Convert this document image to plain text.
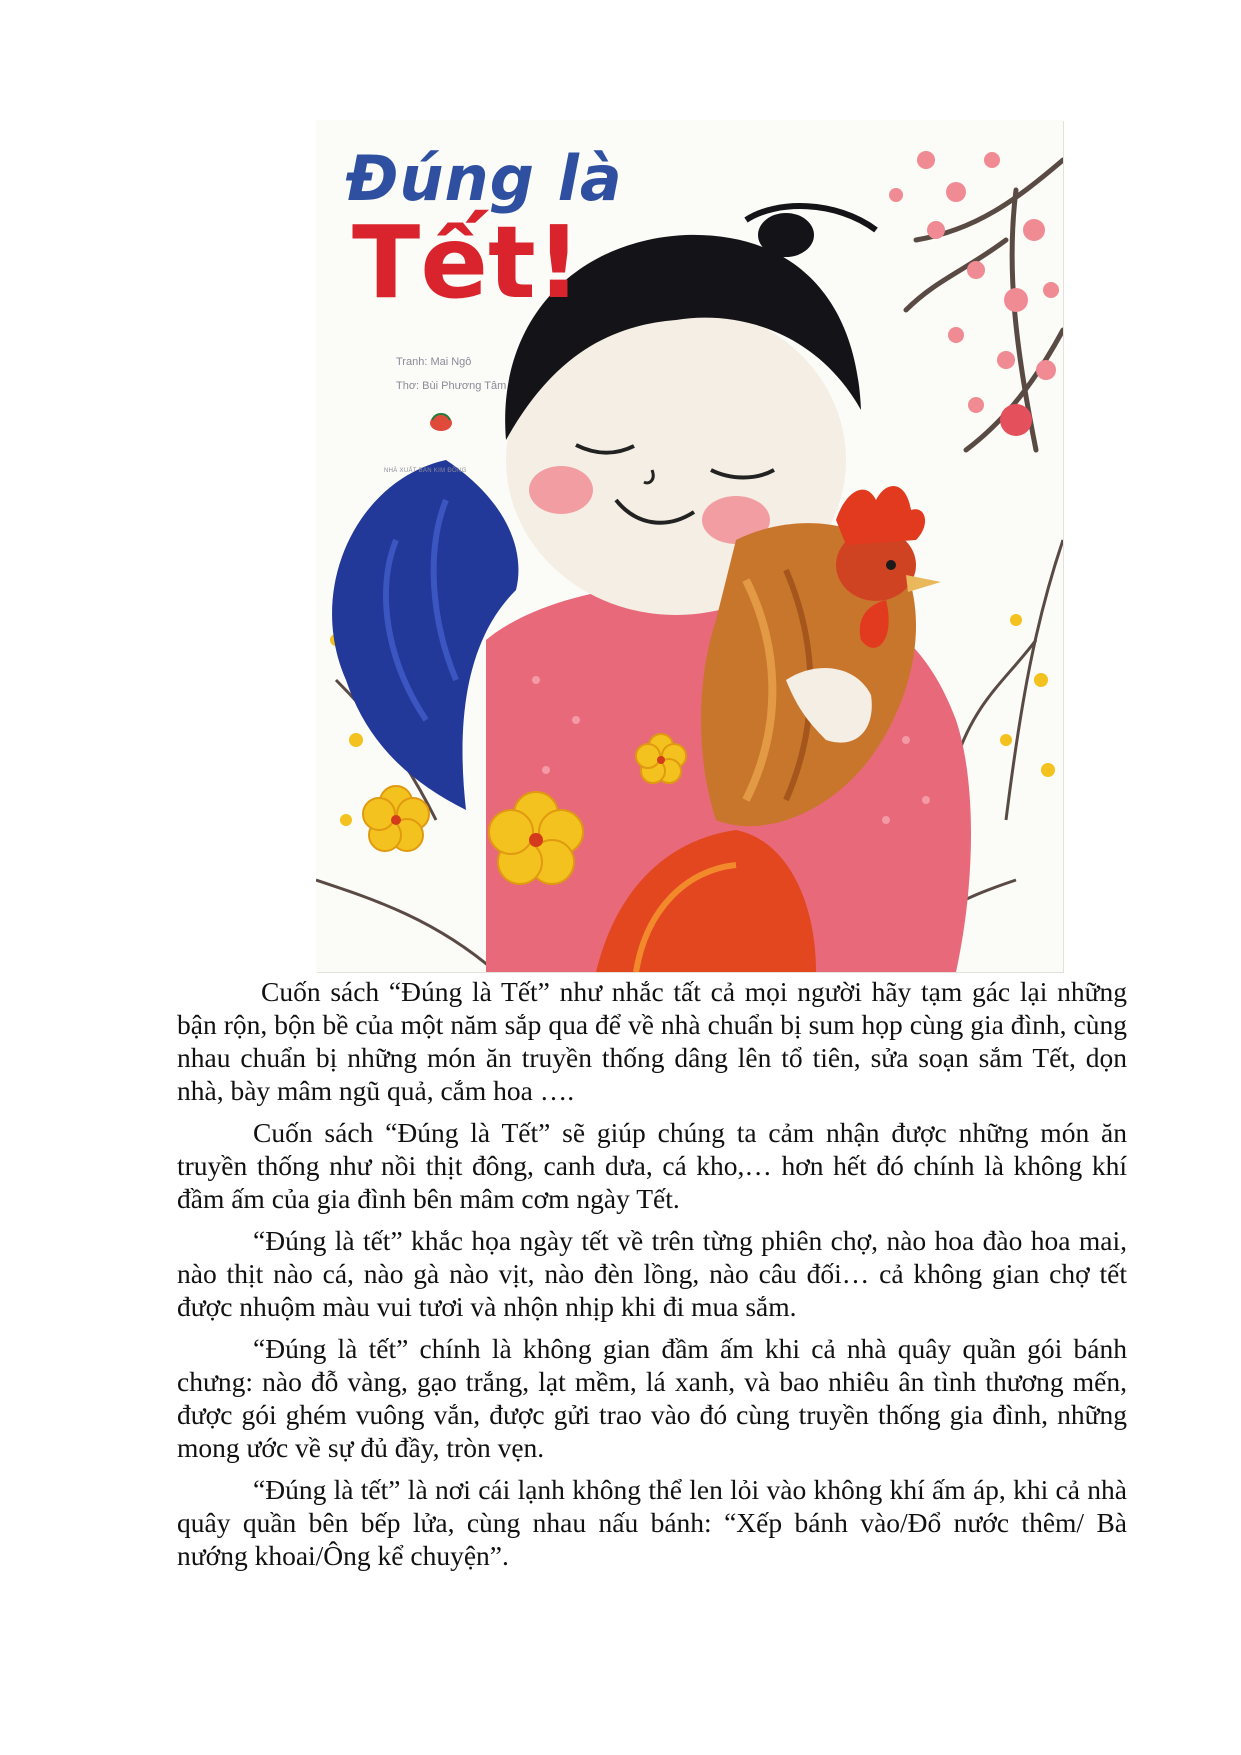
Đúng là
Tết!
Tranh: Mai Ngô
Thơ: Bùi Phương Tâm
NHÀ XUẤT BẢN KIM ĐỒNG

Cuốn sách “Đúng là Tết” như nhắc tất cả mọi người hãy tạm gác lại những bận rộn, bộn bề của một năm sắp qua để về nhà chuẩn bị sum họp cùng gia đình, cùng nhau chuẩn bị những món ăn truyền thống dâng lên tổ tiên, sửa soạn sắm Tết, dọn nhà, bày mâm ngũ quả, cắm hoa ….

Cuốn sách “Đúng là Tết” sẽ giúp chúng ta cảm nhận được những món ăn truyền thống như nồi thịt đông, canh dưa, cá kho,… hơn hết đó chính là không khí đầm ấm của gia đình bên mâm cơm ngày Tết.

“Đúng là tết” khắc họa ngày tết về trên từng phiên chợ, nào hoa đào hoa mai, nào thịt nào cá, nào gà nào vịt, nào đèn lồng, nào câu đối… cả không gian chợ tết được nhuộm màu vui tươi và nhộn nhịp khi đi mua sắm.

“Đúng là tết” chính là không gian đầm ấm khi cả nhà quây quần gói bánh chưng: nào đỗ vàng, gạo trắng, lạt mềm, lá xanh, và bao nhiêu ân tình thương mến, được gói ghém vuông vắn, được gửi trao vào đó cùng truyền thống gia đình, những mong ước về sự đủ đầy, tròn vẹn.

“Đúng là tết” là nơi cái lạnh không thể len lỏi vào không khí ấm áp, khi cả nhà quây quần bên bếp lửa, cùng nhau nấu bánh: “Xếp bánh vào/Đổ nước thêm/ Bà nướng khoai/Ông kể chuyện”.
